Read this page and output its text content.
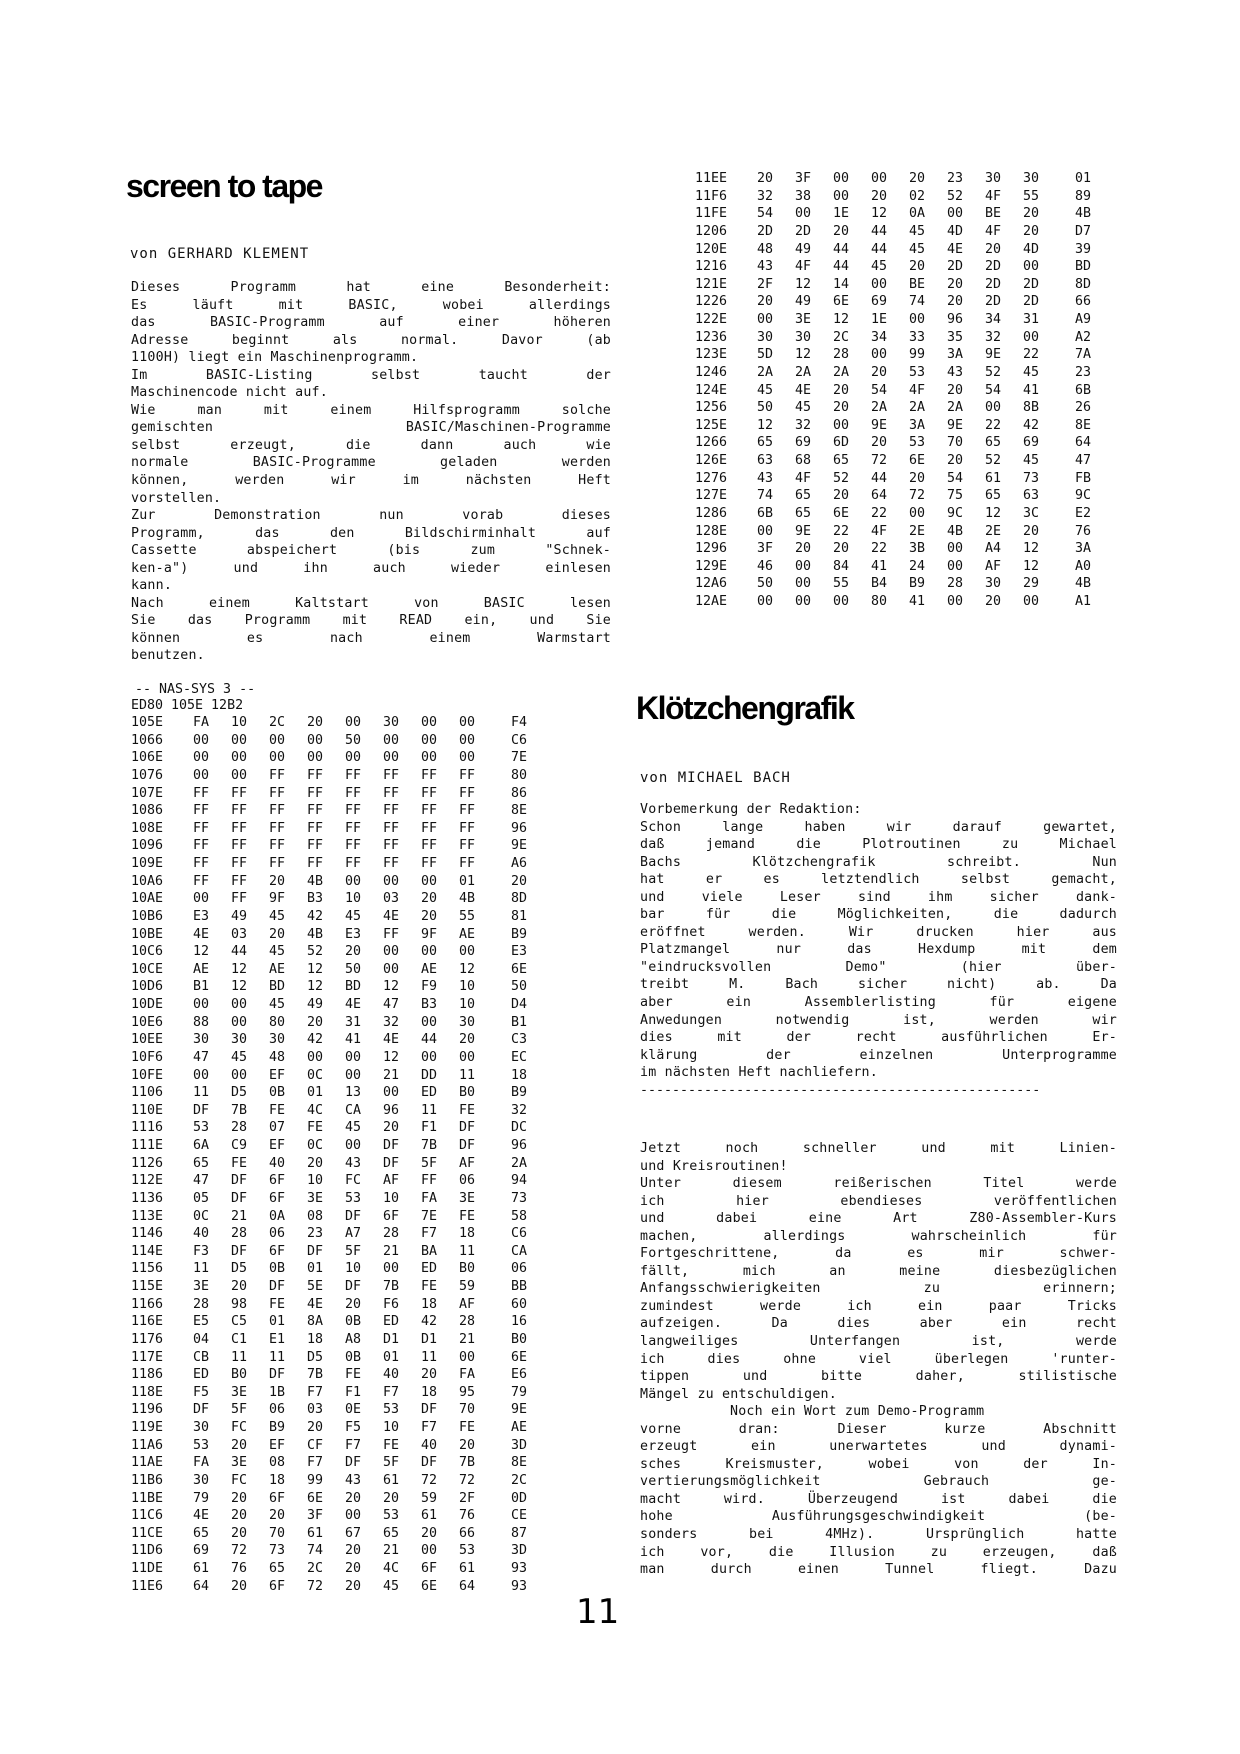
screen to tape
von GERHARD KLEMENT
Dieses Programm hat eine Besonderheit:
Es läuft mit BASIC, wobei allerdings
das BASIC-Programm auf einer höheren
Adresse beginnt als normal. Davor (ab
1100H) liegt ein Maschinenprogramm.
Im BASIC-Listing selbst taucht der
Maschinencode nicht auf.
Wie man mit einem Hilfsprogramm solche
gemischten BASIC/Maschinen-Programme
selbst erzeugt, die dann auch wie
normale BASIC-Programme geladen werden
können, werden wir im nächsten Heft
vorstellen.
Zur Demonstration nun vorab dieses
Programm, das den Bildschirminhalt auf
Cassette abspeichert (bis zum "Schnek-
ken-a") und ihn auch wieder einlesen
kann.
Nach einem Kaltstart von BASIC lesen
Sie das Programm mit READ ein, und Sie
können es nach einem Warmstart
benutzen.
-- NAS-SYS 3 --
ED80 105E 12B2
105E FA 10 2C 20 00 30 00 00	F4
1066 00 00 00 00 50 00 00 00	C6
106E 00 00 00 00 00 00 00 00	7E
1076 00 00 FF FF FF FF FF FF	80
107E FF FF FF FF FF FF FF FF	86
1086 FF FF FF FF FF FF FF FF	8E
108E FF FF FF FF FF FF FF FF	96
1096 FF FF FF FF FF FF FF FF	9E
109E FF FF FF FF FF FF FF FF	A6
10A6 FF FF 20 4B 00 00 00 01	20
10AE 00 FF 9F B3 10 03 20 4B	8D
10B6 E3 49 45 42 45 4E 20 55	81
10BE 4E 03 20 4B E3 FF 9F AE	B9
10C6 12 44 45 52 20 00 00 00	E3
10CE AE 12 AE 12 50 00 AE 12	6E
10D6 B1 12 BD 12 BD 12 F9 10	50
10DE 00 00 45 49 4E 47 B3 10	D4
10E6 88 00 80 20 31 32 00 30	B1
10EE 30 30 30 42 41 4E 44 20	C3
10F6 47 45 48 00 00 12 00 00	EC
10FE 00 00 EF 0C 00 21 DD 11	18
1106 11 D5 0B 01 13 00 ED B0	B9
110E DF 7B FE 4C CA 96 11 FE	32
1116 53 28 07 FE 45 20 F1 DF	DC
111E 6A C9 EF 0C 00 DF 7B DF	96
1126 65 FE 40 20 43 DF 5F AF	2A
112E 47 DF 6F 10 FC AF FF 06	94
1136 05 DF 6F 3E 53 10 FA 3E	73
113E 0C 21 0A 08 DF 6F 7E FE	58
1146 40 28 06 23 A7 28 F7 18	C6
114E F3 DF 6F DF 5F 21 BA 11	CA
1156 11 D5 0B 01 10 00 ED B0	06
115E 3E 20 DF 5E DF 7B FE 59	BB
1166 28 98 FE 4E 20 F6 18 AF	60
116E E5 C5 01 8A 0B ED 42 28	16
1176 04 C1 E1 18 A8 D1 D1 21	B0
117E CB 11 11 D5 0B 01 11 00	6E
1186 ED B0 DF 7B FE 40 20 FA	E6
118E F5 3E 1B F7 F1 F7 18 95	79
1196 DF 5F 06 03 0E 53 DF 70	9E
119E 30 FC B9 20 F5 10 F7 FE	AE
11A6 53 20 EF CF F7 FE 40 20	3D
11AE FA 3E 08 F7 DF 5F DF 7B	8E
11B6 30 FC 18 99 43 61 72 72	2C
11BE 79 20 6F 6E 20 20 59 2F	0D
11C6 4E 20 20 3F 00 53 61 76	CE
11CE 65 20 70 61 67 65 20 66	87
11D6 69 72 73 74 20 21 00 53	3D
11DE 61 76 65 2C 20 4C 6F 61	93
11E6 64 20 6F 72 20 45 6E 64	93
11EE 20 3F 00 00 20 23 30 30	01
11F6 32 38 00 20 02 52 4F 55	89
11FE 54 00 1E 12 0A 00 BE 20	4B
1206 2D 2D 20 44 45 4D 4F 20	D7
120E 48 49 44 44 45 4E 20 4D	39
1216 43 4F 44 45 20 2D 2D 00	BD
121E 2F 12 14 00 BE 20 2D 2D	8D
1226 20 49 6E 69 74 20 2D 2D	66
122E 00 3E 12 1E 00 96 34 31	A9
1236 30 30 2C 34 33 35 32 00	A2
123E 5D 12 28 00 99 3A 9E 22	7A
1246 2A 2A 2A 20 53 43 52 45	23
124E 45 4E 20 54 4F 20 54 41	6B
1256 50 45 20 2A 2A 2A 00 8B	26
125E 12 32 00 9E 3A 9E 22 42	8E
1266 65 69 6D 20 53 70 65 69	64
126E 63 68 65 72 6E 20 52 45	47
1276 43 4F 52 44 20 54 61 73	FB
127E 74 65 20 64 72 75 65 63	9C
1286 6B 65 6E 22 00 9C 12 3C	E2
128E 00 9E 22 4F 2E 4B 2E 20	76
1296 3F 20 20 22 3B 00 A4 12	3A
129E 46 00 84 41 24 00 AF 12	A0
12A6 50 00 55 B4 B9 28 30 29	4B
12AE 00 00 00 80 41 00 20 00	A1
Klötzchengrafik
von MICHAEL BACH
Vorbemerkung der Redaktion:
Schon lange haben wir darauf gewartet,
daß jemand die Plotroutinen zu Michael
Bachs Klötzchengrafik schreibt. Nun
hat er es letztendlich selbst gemacht,
und viele Leser sind ihm sicher dank-
bar für die Möglichkeiten, die dadurch
eröffnet werden. Wir drucken hier aus
Platzmangel nur das Hexdump mit dem
"eindrucksvollen Demo" (hier über-
treibt M. Bach sicher nicht) ab. Da
aber ein Assemblerlisting für eigene
Anwedungen notwendig ist, werden wir
dies mit der recht ausführlichen Er-
klärung der einzelnen Unterprogramme
im nächsten Heft nachliefern.
--------------------------------------------------
Jetzt noch schneller und mit Linien-
und Kreisroutinen!
Unter diesem reißerischen Titel werde
ich hier ebendieses veröffentlichen
und dabei eine Art Z80-Assembler-Kurs
machen, allerdings wahrscheinlich für
Fortgeschrittene, da es mir schwer-
fällt, mich an meine diesbezüglichen
Anfangsschwierigkeiten zu erinnern;
zumindest werde ich ein paar Tricks
aufzeigen. Da dies aber ein recht
langweiliges Unterfangen ist, werde
ich dies ohne viel überlegen 'runter-
tippen und bitte daher, stilistische
Mängel zu entschuldigen.
Noch ein Wort zum Demo-Programm
vorne dran: Dieser kurze Abschnitt
erzeugt ein unerwartetes und dynami-
sches Kreismuster, wobei von der In-
vertierungsmöglichkeit Gebrauch ge-
macht wird. Überzeugend ist dabei die
hohe Ausführungsgeschwindigkeit (be-
sonders bei 4MHz). Ursprünglich hatte
ich vor, die Illusion zu erzeugen, daß
man durch einen Tunnel fliegt. Dazu
11
